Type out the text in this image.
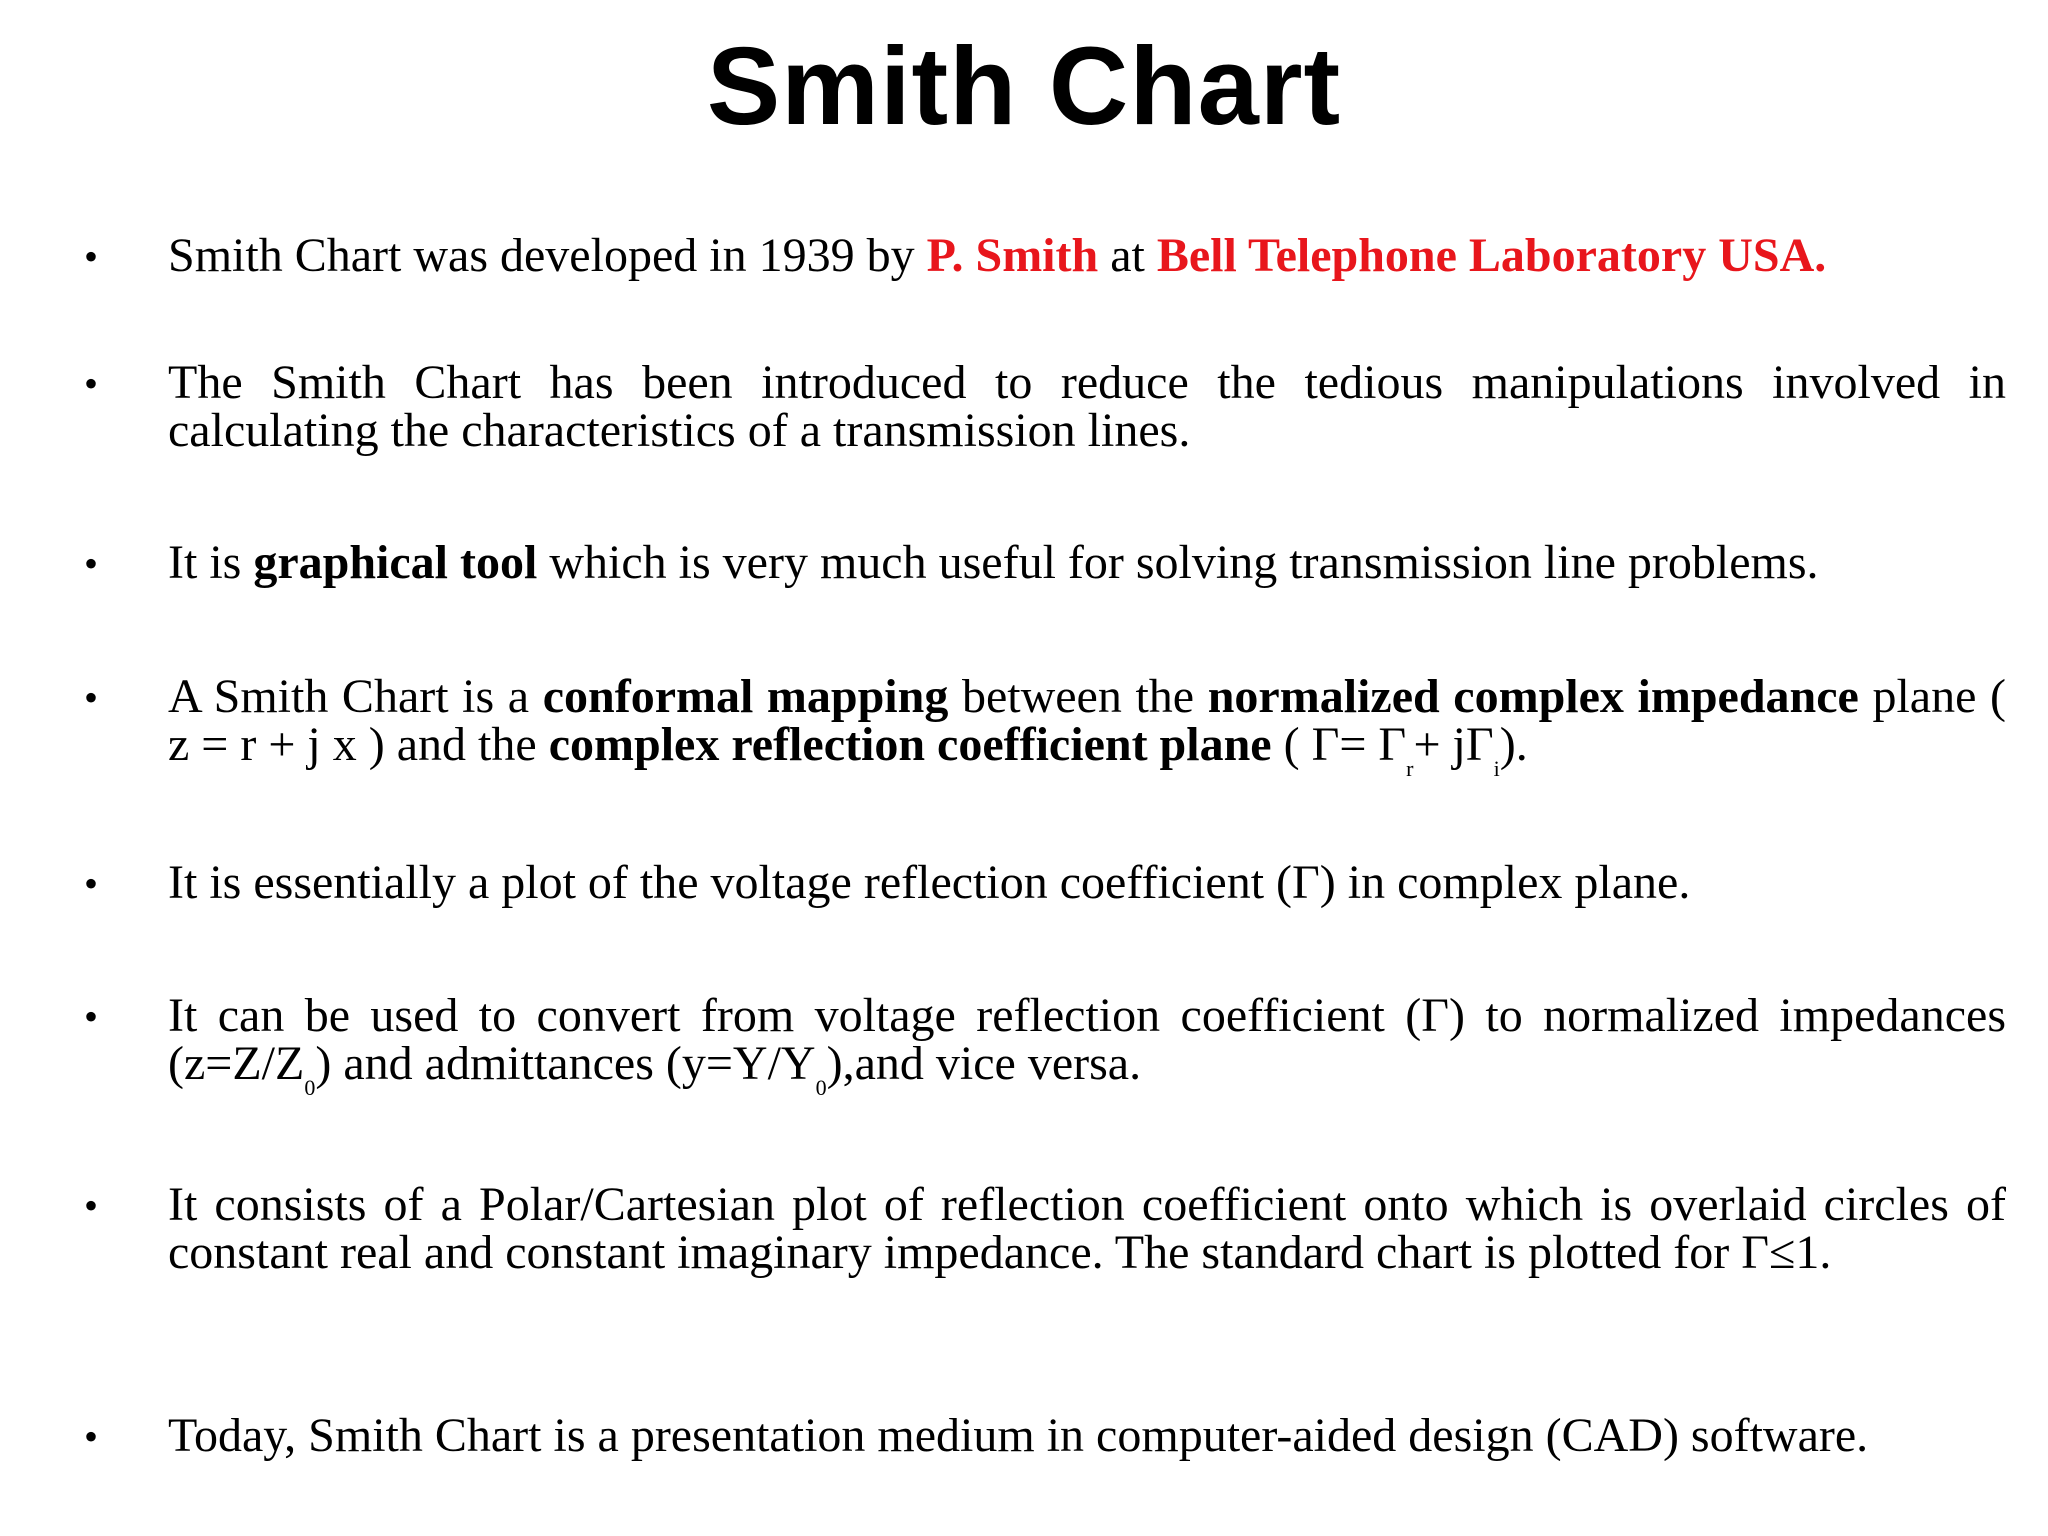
Smith Chart
• Smith Chart was developed in 1939 by P. Smith at Bell Telephone Laboratory USA.
• The Smith Chart has been introduced to reduce the tedious manipulations involved in calculating the characteristics of a transmission lines.
• It is graphical tool which is very much useful for solving transmission line problems.
• A Smith Chart is a conformal mapping between the normalized complex impedance plane ( z = r + j x ) and the complex reflection coefficient plane ( $\Gamma= \Gamma_r+ j\Gamma_i$).
• It is essentially a plot of the voltage reflection coefficient (Γ) in complex plane.
• It can be used to convert from voltage reflection coefficient (Γ) to normalized impedances $(z=Z/Z_0)$ and admittances $(y=Y/Y_0),and$ vice versa.
• It consists of a Polar/Cartesian plot of reflection coefficient onto which is overlaid circles of constant real and constant imaginary impedance. The standard chart is plotted for Γ≤1.
• Today, Smith Chart is a presentation medium in computer-aided design (CAD) software.
